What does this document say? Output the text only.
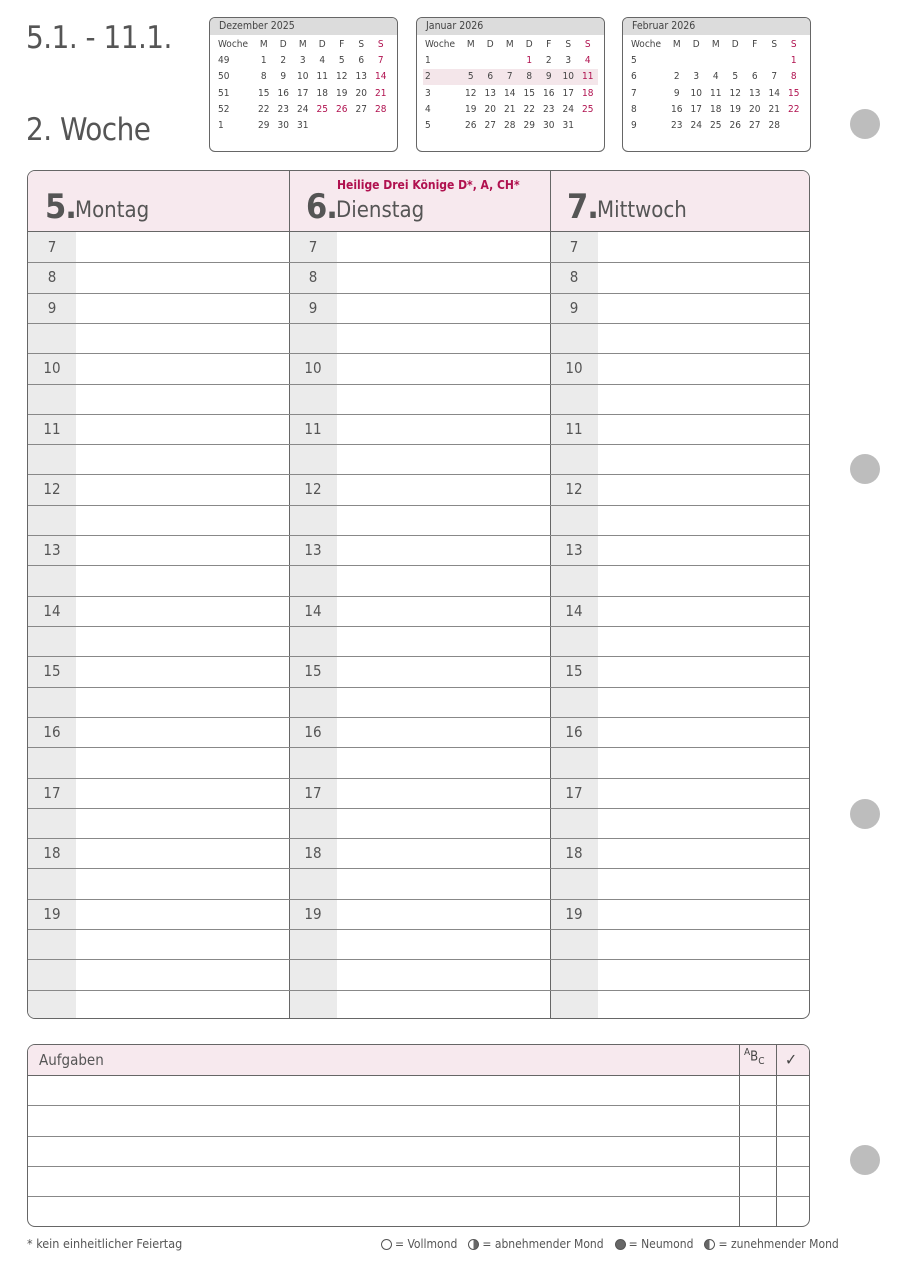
5.1. - 11.1.
2. Woche
Dezember 2025
Woche	M	D	M	D	F	S	S
49	1	2	3	4	5	6	7
50	8	9	10	11	12	13	14
51	15	16	17	18	19	20	21
52	22	23	24	25	26	27	28
1	29	30	31				
Januar 2026
Woche	M	D	M	D	F	S	S
1				1	2	3	4
2	5	6	7	8	9	10	11
3	12	13	14	15	16	17	18
4	19	20	21	22	23	24	25
5	26	27	28	29	30	31	
Februar 2026
Woche	M	D	M	D	F	S	S
5							1
6	2	3	4	5	6	7	8
7	9	10	11	12	13	14	15
8	16	17	18	19	20	21	22
9	23	24	25	26	27	28	
5. Montag
7
8
9
10
11
12
13
14
15
16
17
18
19
6. Dienstag
Heilige Drei Könige D*, A, CH*
7
8
9
10
11
12
13
14
15
16
17
18
19
7. Mittwoch
7
8
9
10
11
12
13
14
15
16
17
18
19
Aufgaben	$^AB_C$ ✓
* kein einheitlicher Feiertag	= Vollmond = abnehmender Mond = Neumond = zunehmender Mond
